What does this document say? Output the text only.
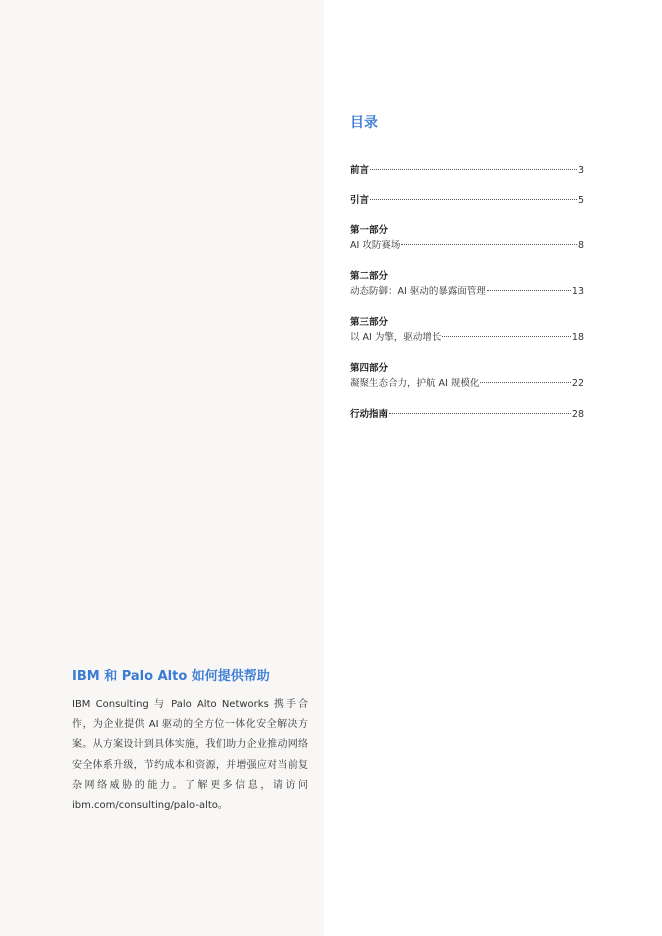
IBM 和 Palo Alto 如何提供帮助

IBM Consulting 与 Palo Alto Networks 携手合作，为企业提供 AI 驱动的全方位一体化安全解决方案。从方案设计到具体实施，我们助力企业推动网络安全体系升级，节约成本和资源，并增强应对当前复杂网络威胁的能力。了解更多信息，请访问 ibm.com/consulting/palo-alto。

目录
前言	3
引言	5
第一部分
AI 攻防赛场	8
第二部分
动态防御：AI 驱动的暴露面管理	13
第三部分
以 AI 为擎，驱动增长	18
第四部分
凝聚生态合力，护航 AI 规模化	22
行动指南	28
